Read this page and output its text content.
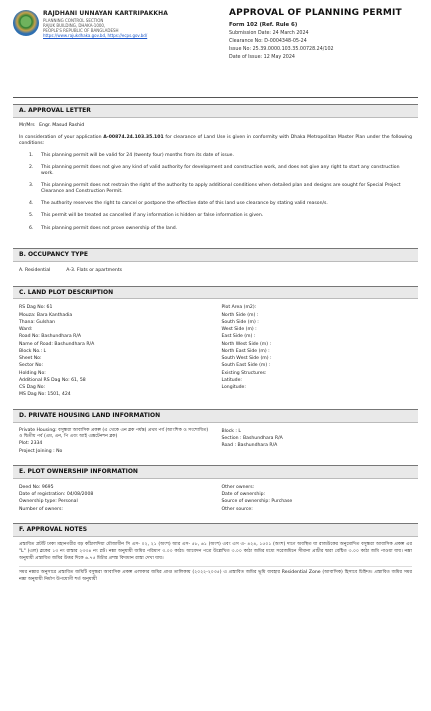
RAJDHANI UNNAYAN KARTRIPAKKHA
PLANNING CONTROL SECTION
RAJUK BUILDING, DHAKA-1000,
PEOPLE'S REPUBLIC OF BANGLADESH
https://www.rajukdhaka.gov.bd, https://ecps.gov.bd/
APPROVAL OF PLANNING PERMIT
Form 102 (Ref. Rule 6)
Submission Date: 24 March 2024
Clearance No: D-0004348-05-24
Issue No: 25.39.0000.103.35.00728.24/102
Date of Issue: 12 May 2024
A. APPROVAL LETTER
Mr/Mrs Engr. Masud Rashid
In consideration of your application A-00874.24.103.35.101 for clearance of Land Use is given in conformity with Dhaka Metropolitan Master Plan under the following conditions:
1.	This planning permit will be valid for 24 (twenty four) months from its date of issue.
2.	This planning permit does not give any kind of valid authority for development and construction work, and does not give any right to start any construction work.
3.	This planning permit does not restrain the right of the authority to apply additional conditions when detailed plan and designs are sought for Special Project Clearance and Construction Permit.
4.	The authority reserves the right to cancel or postpone the effective date of this land use clearance by stating valid reason/s.
5.	This permit will be treated as cancelled if any information is hidden or false information is given.
6.	This planning permit does not prove ownership of the land.
B. OCCUPANCY TYPE
A. Residential	A-3. Flats or apartments
C. LAND PLOT DESCRIPTION
RS Dag No: 61
Mouza: Bara Kanthadia
Thana: Gulshan
Ward:
Road No: Bashundhara R/A
Name of Road: Bashundhara R/A
Block No.: L
Sheet No:
Sector No:
Holding No:
Additional RS Dag No: 61, 58
CS Dag No:
MS Dag No: 1501, 424
Plot Area (m2):
North Side (m) :
South Side (m) :
West Side (m) :
East Side (m) :
North West Side (m) :
North East Side (m) :
South West Side (m) :
South East Side (m) :
Existing Structures:
Latitude:
Longitude:
D. PRIVATE HOUSING LAND INFORMATION
Private Housing: বসুন্ধরা আবাসিক প্রকল্প (এ থেকে এন ব্লক পর্যন্ত) প্রথম পর্ব (আংশিক ও সংশোধিত) ও দ্বিতীয় পর্ব (এম, এন, পি এবং আই এক্সটেনশন ব্লক)
Plot: 2334
Project Joining : No
Block : L
Section : Bashundhara R/A
Road : Bashundhara R/A
E. PLOT OWNERSHIP INFORMATION
Deed No: 9695
Date of registration: 04/08/2008
Ownership type: Personal
Number of owners:
Other owners:
Date of ownership:
Source of ownership: Purchase
Other source:
F. APPROVAL NOTES

প্রস্তাবিত প্লটটি ঢাকা মহানগরীর বড় কাঁঠালদিয়া মৌজাধীন সি এস- ০২, ২১ (অংশ) আর এস- ৫৮, ৬১ (অংশ) এবং এস এ- ৪২৪, ১৫০১ (অংশ) দাগে অবস্থিত যা রাজউকের অনুমোদিত বসুন্ধরা আবাসিক প্রকল্প এর "L" (এল) ব্লকের ১৩ নং রাস্তার ২৩৩৪ নং প্লট। নক্সা অনুযায়ী জমির পরিমাণ ৩.০০ কাঠা। আবেদন পত্রে উল্লেখিত ৩.০০ কাঠা জমির মধ্যে সরেজমিনে সীমানা প্রাচীর দ্বারা বেষ্টিত ৩.০০ কাঠা জমি পাওয়া যায়। নক্সা অনুযায়ী প্রস্তাবিত জমির উত্তর দিকে ৬.৭৫ মিটার প্রশস্ত বিদ্যমান রাস্তা দেখা যায়।

সমর নক্সার অনুসারে প্রস্তাবিত জমিটি বসুন্ধরা আবাসিক প্রকল্প এলাকার জমির প্রাপ্ত তালিকায় (২০২২-২০৩৫) এ প্রস্তাবিত জমির ভূমি ব্যবহার Residential Zone (আবাসিক) হিসাবে চিহ্নিত। প্রস্তাবিত জমির সমর নক্সা অনুযায়ী নির্মাণ উপযোগী শর্ত অনুযায়ী
